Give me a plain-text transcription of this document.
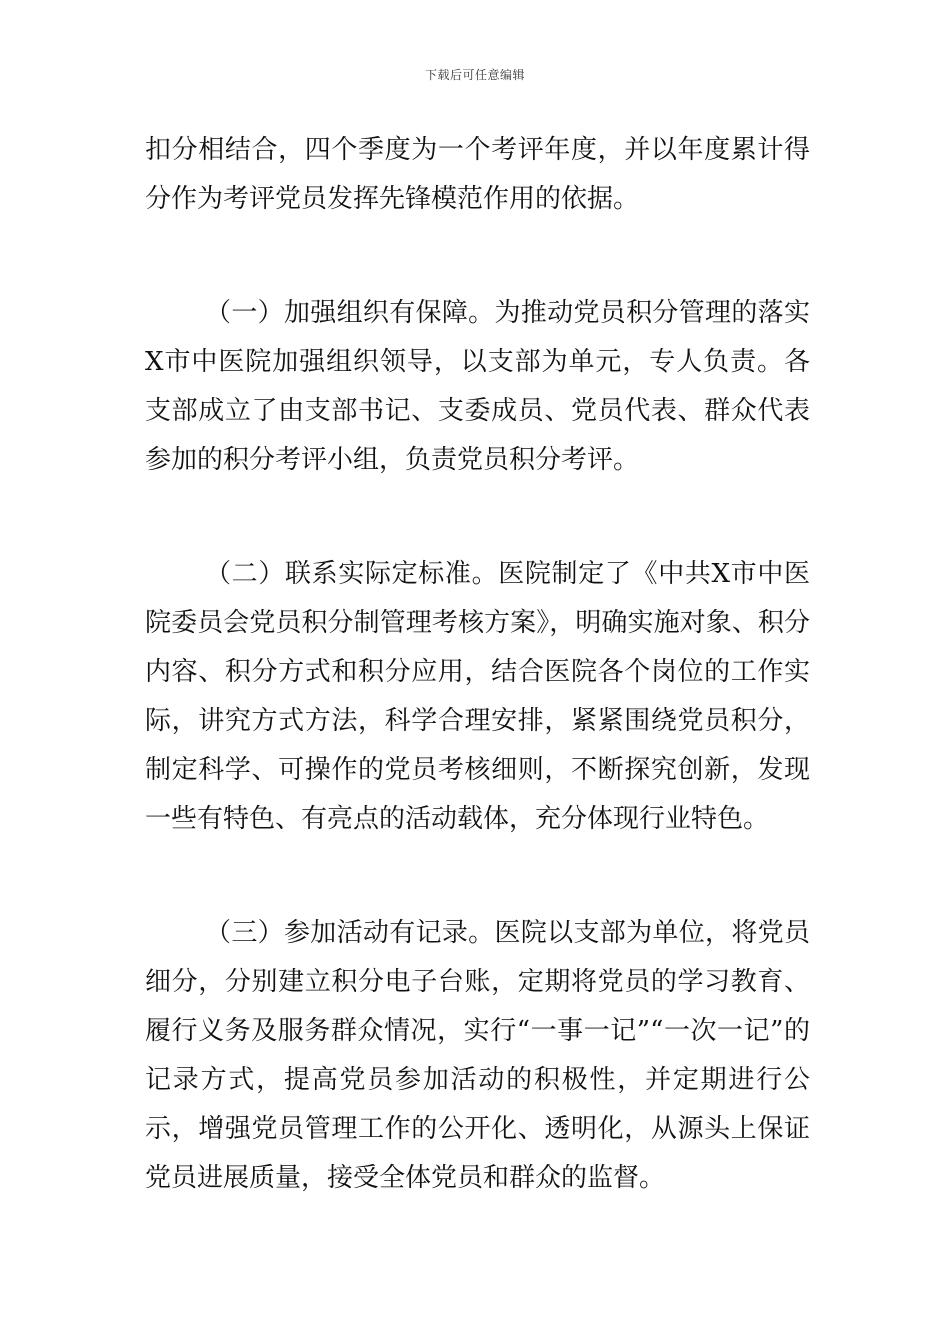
下载后可任意编辑

扣分相结合，四个季度为一个考评年度，并以年度累计得分作为考评党员发挥先锋模范作用的依据。

（一）加强组织有保障。为推动党员积分管理的落实X市中医院加强组织领导，以支部为单元，专人负责。各支部成立了由支部书记、支委成员、党员代表、群众代表参加的积分考评小组，负责党员积分考评。

（二）联系实际定标准。医院制定了《中共X市中医院委员会党员积分制管理考核方案》，明确实施对象、积分内容、积分方式和积分应用，结合医院各个岗位的工作实际，讲究方式方法，科学合理安排，紧紧围绕党员积分，制定科学、可操作的党员考核细则，不断探究创新，发现一些有特色、有亮点的活动载体，充分体现行业特色。

（三）参加活动有记录。医院以支部为单位，将党员细分，分别建立积分电子台账，定期将党员的学习教育、履行义务及服务群众情况，实行“一事一记”“一次一记”的记录方式，提高党员参加活动的积极性，并定期进行公示，增强党员管理工作的公开化、透明化，从源头上保证党员进展质量，接受全体党员和群众的监督。
